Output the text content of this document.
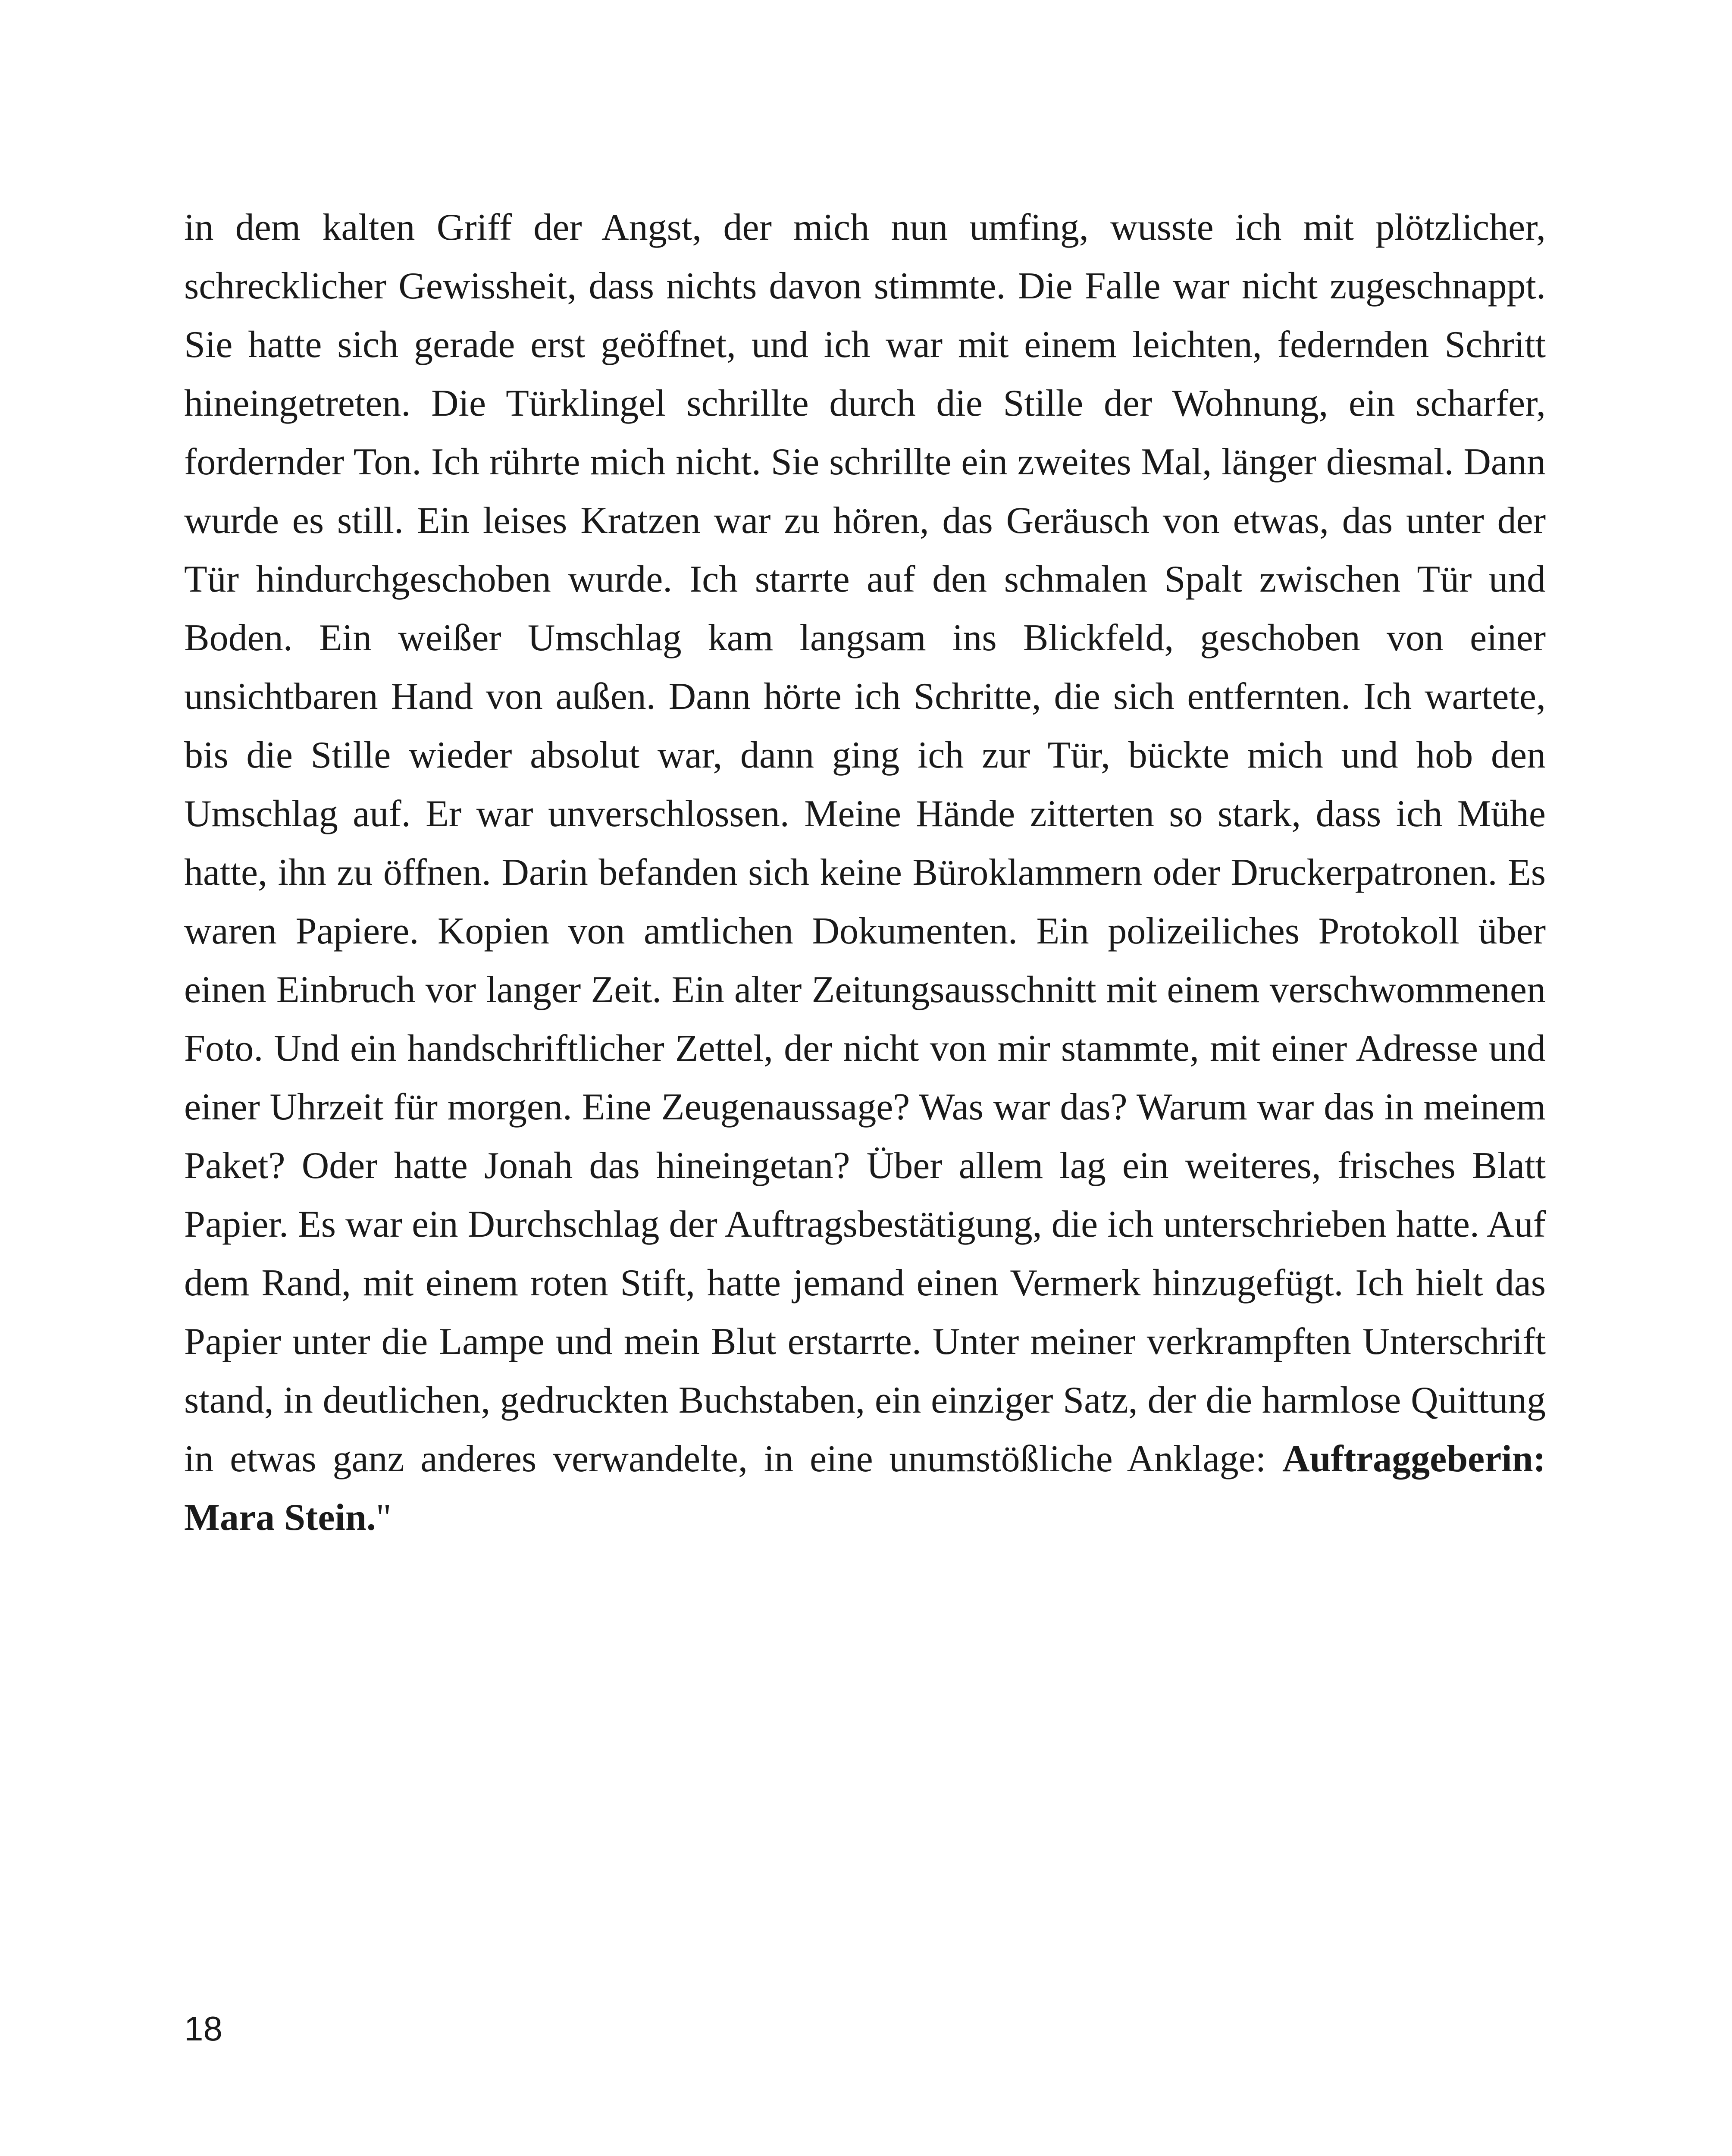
in dem kalten Griff der Angst, der mich nun umfing, wusste ich mit plötzlicher, schrecklicher Gewissheit, dass nichts davon stimmte. Die Falle war nicht zugeschnappt. Sie hatte sich gerade erst geöffnet, und ich war mit einem leichten, federnden Schritt hineingetreten. Die Türklingel schrillte durch die Stille der Wohnung, ein scharfer, fordernder Ton. Ich rührte mich nicht. Sie schrillte ein zweites Mal, länger diesmal. Dann wurde es still. Ein leises Kratzen war zu hören, das Geräusch von etwas, das unter der Tür hindurchgeschoben wurde. Ich starrte auf den schmalen Spalt zwischen Tür und Boden. Ein weißer Umschlag kam langsam ins Blickfeld, geschoben von einer unsichtbaren Hand von außen. Dann hörte ich Schritte, die sich entfernten. Ich wartete, bis die Stille wieder absolut war, dann ging ich zur Tür, bückte mich und hob den Umschlag auf. Er war unverschlossen. Meine Hände zitterten so stark, dass ich Mühe hatte, ihn zu öffnen. Darin befanden sich keine Büroklammern oder Druckerpatronen. Es waren Papiere. Kopien von amtlichen Dokumenten. Ein polizeiliches Protokoll über einen Einbruch vor langer Zeit. Ein alter Zeitungsausschnitt mit einem verschwommenen Foto. Und ein handschriftlicher Zettel, der nicht von mir stammte, mit einer Adresse und einer Uhrzeit für morgen. Eine Zeugenaussage? Was war das? Warum war das in meinem Paket? Oder hatte Jonah das hineingetan? Über allem lag ein weiteres, frisches Blatt Papier. Es war ein Durchschlag der Auftragsbestätigung, die ich unterschrieben hatte. Auf dem Rand, mit einem roten Stift, hatte jemand einen Vermerk hinzugefügt. Ich hielt das Papier unter die Lampe und mein Blut erstarrte. Unter meiner verkrampften Unterschrift stand, in deutlichen, gedruckten Buchstaben, ein einziger Satz, der die harmlose Quittung in etwas ganz anderes verwandelte, in eine unumstößliche Anklage: Auftraggeberin: Mara Stein."

18
